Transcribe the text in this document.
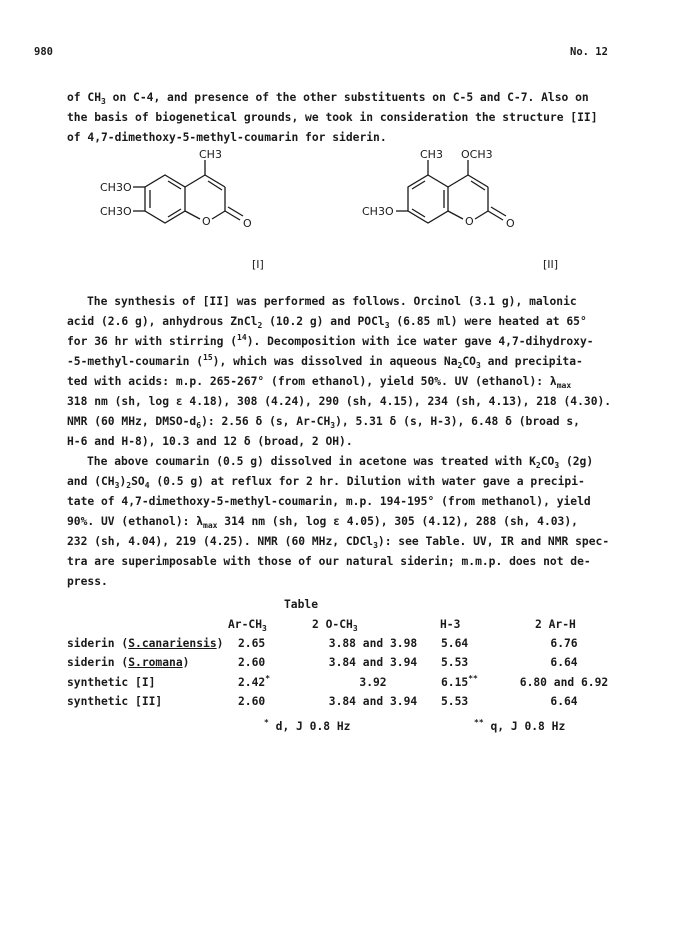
980	No. 12
of $CH_3$ on C-4, and presence of the other substituents on C-5 and C-7. Also on
the basis of biogenetical grounds, we took in consideration the structure [II]
of 4,7-dimethoxy-5-methyl-coumarin for siderin.
CH3
CH3O
CH3O
O	O
[I]
CH3 OCH3
CH3O
O	O
[II]
The synthesis of [II] was performed as follows. Orcinol (3.1 g), malonic
acid (2.6 g), anhydrous ZnCl$_2$ (10.2 g) and POCl$_3$ (6.85 ml) were heated at 65°
for 36 hr with stirring ($^{14}$). Decomposition with ice water gave 4,7-dihydroxy-
-5-methyl-coumarin ($^{15}$), which was dissolved in aqueous $Na_2CO_3$ and precipita-
ted with acids: m.p. 265-267° (from ethanol), yield 50%. UV (ethanol): $\lambda_{max}$
318 nm (sh, log ε 4.18), 308 (4.24), 290 (sh, 4.15), 234 (sh, 4.13), 218 (4.30).
NMR (60 MHz, DMSO-$d_6$): 2.56 δ (s, $Ar-CH_3$), 5.31 δ (s, H-3), 6.48 δ (broad s,
H-6 and H-8), 10.3 and 12 δ (broad, 2 OH).
The above coumarin (0.5 g) dissolved in acetone was treated with $K_2CO_3$ (2g)
and $(CH_3)_2SO_4$ (0.5 g) at reflux for 2 hr. Dilution with water gave a precipi-
tate of 4,7-dimethoxy-5-methyl-coumarin, m.p. 194-195° (from methanol), yield
90%. UV (ethanol): $\lambda_{max}$ 314 nm (sh, log ε 4.05), 305 (4.12), 288 (sh, 4.03),
232 (sh, 4.04), 219 (4.25). NMR (60 MHz, CDCl$_3$): see Table. UV, IR and NMR spec-
tra are superimposable with those of our natural siderin; m.m.p. does not de-
press.
Table
$Ar-CH_3$	2 $O-CH_3$	H-3	2 Ar-H
siderin (S.canariensis) 2.65	3.88 and 3.98	5.64	6.76
siderin (S.romana)	2.60	3.84 and 3.94	5.53	6.64
synthetic [I]	2.42*	3.92	6.15**	6.80 and 6.92
synthetic [II]	2.60	3.84 and 3.94	5.53	6.64
* d, J 0.8 Hz	** q, J 0.8 Hz
